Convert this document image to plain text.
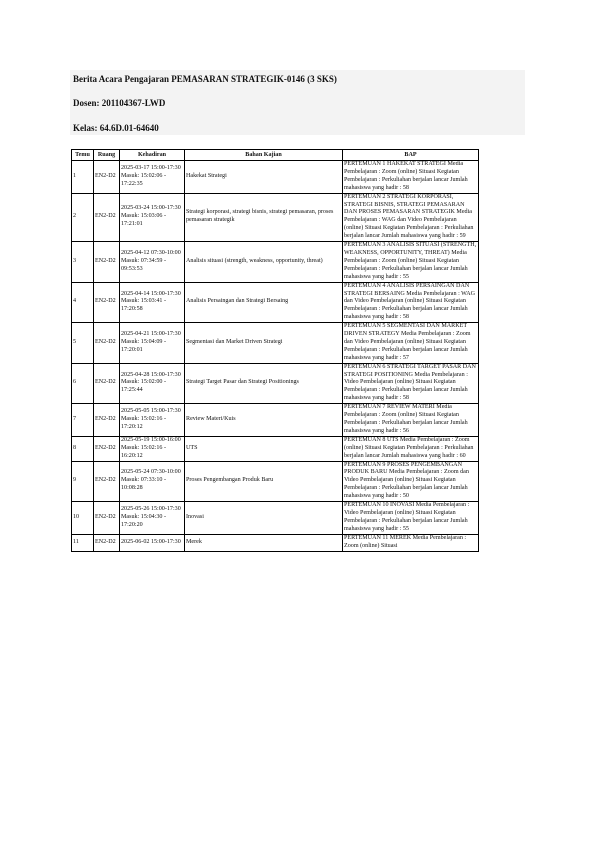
Berita Acara Pengajaran PEMASARAN STRATEGIK-0146 (3 SKS)
Dosen: 201104367-LWD
Kelas: 64.6D.01-64640
Temu	Ruang	Kehadiran	Bahan Kajian	BAP
1	EN2-D2	2025-03-17 15:00-17:30 Masuk: 15:02:06 - 17:22:35	Hakekat Strategi	PERTEMUAN 1 HAKEKAT STRATEGI Media Pembelajaran : Zoom (online) Situasi Kegiatan Pembelajaran : Perkuliahan berjalan lancar Jumlah mahasiswa yang hadir : 58
2	EN2-D2	2025-03-24 15:00-17:30 Masuk: 15:03:06 - 17:21:01	Strategi korporasi, strategi bisnis, strategi pemasaran, proses pemasaran strategik	PERTEMUAN 2 STRATEGI KORPORASI, STRATEGI BISNIS, STRATEGI PEMASARAN DAN PROSES PEMASARAN STRATEGIK Media Pembelajaran : WAG dan Video Pembelajaran (online) Situasi Kegiatan Pembelajaran : Perkuliahan berjalan lancar Jumlah mahasiswa yang hadir : 59
3	EN2-D2	2025-04-12 07:30-10:00 Masuk: 07:34:59 - 09:53:53	Analisis situasi (strength, weakness, opportunity, threat)	PERTEMUAN 3 ANALISIS SITUASI (STRENGTH, WEAKNESS, OPPORTUNITY, THREAT) Media Pembelajaran : Zoom (online) Situasi Kegiatan Pembelajaran : Perkuliahan berjalan lancar Jumlah mahasiswa yang hadir : 55
4	EN2-D2	2025-04-14 15:00-17:30 Masuk: 15:03:41 - 17:20:58	Analisis Persaingan dan Strategi Bersaing	PERTEMUAN 4 ANALISIS PERSAINGAN DAN STRATEGI BERSAING Media Pembelajaran : WAG dan Video Pembelajaran (online) Situasi Kegiatan Pembelajaran : Perkuliahan berjalan lancar Jumlah mahasiswa yang hadir : 58
5	EN2-D2	2025-04-21 15:00-17:30 Masuk: 15:04:09 - 17:20:01	Segmentasi dan Market Driven Strategi	PERTEMUAN 5 SEGMENTASI DAN MARKET DRIVEN STRATEGY Media Pembelajaran : Zoom dan Video Pembelajaran (online) Situasi Kegiatan Pembelajaran : Perkuliahan berjalan lancar Jumlah mahasiswa yang hadir : 57
6	EN2-D2	2025-04-28 15:00-17:30 Masuk: 15:02:00 - 17:25:44	Strategi Target Pasar dan Strategi Positionings	PERTEMUAN 6 STRATEGI TARGET PASAR DAN STRATEGI POSITIONING Media Pembelajaran : Video Pembelajaran (online) Situasi Kegiatan Pembelajaran : Perkuliahan berjalan lancar Jumlah mahasiswa yang hadir : 58
7	EN2-D2	2025-05-05 15:00-17:30 Masuk: 15:02:16 - 17:20:12	Review Materi/Kuis	PERTEMUAN 7 REVIEW MATERI Media Pembelajaran : Zoom (online) Situasi Kegiatan Pembelajaran : Perkuliahan berjalan lancar Jumlah mahasiswa yang hadir : 56
8	EN2-D2	2025-05-19 15:00-16:00 Masuk: 15:02:16 - 16:20:12	UTS	PERTEMUAN 8 UTS Media Pembelajaran : Zoom (online) Situasi Kegiatan Pembelajaran : Perkuliahan berjalan lancar Jumlah mahasiswa yang hadir : 60
9	EN2-D2	2025-05-24 07:30-10:00 Masuk: 07:33:10 - 10:08:28	Proses Pengembangan Produk Baru	PERTEMUAN 9 PROSES PENGEMBANGAN PRODUK BARU Media Pembelajaran : Zoom dan Video Pembelajaran (online) Situasi Kegiatan Pembelajaran : Perkuliahan berjalan lancar Jumlah mahasiswa yang hadir : 50
10	EN2-D2	2025-05-26 15:00-17:30 Masuk: 15:04:30 - 17:20:20	Inovasi	PERTEMUAN 10 INOVASI Media Pembelajaran : Video Pembelajaran (online) Situasi Kegiatan Pembelajaran : Perkuliahan berjalan lancar Jumlah mahasiswa yang hadir : 55
11	EN2-D2	2025-06-02 15:00-17:30	Merek	PERTEMUAN 11 MEREK Media Pembelajaran : Zoom (online) Situasi
